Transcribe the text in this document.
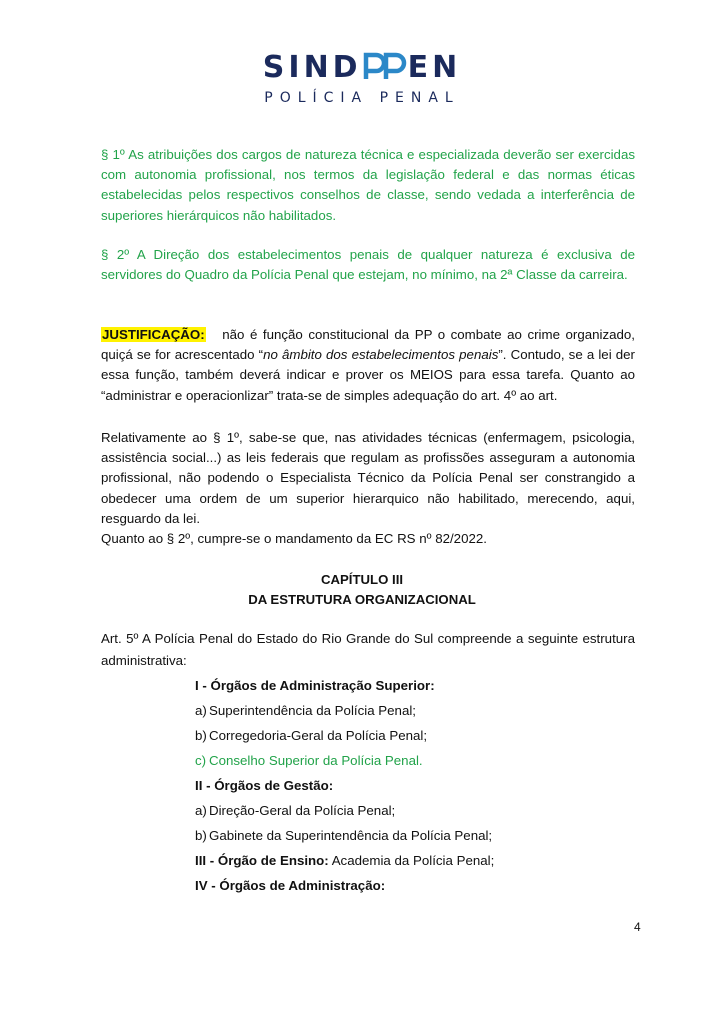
SIND EN
POLÍCIA PENAL

§ 1º As atribuições dos cargos de natureza técnica e especializada deverão ser exercidas com autonomia profissional, nos termos da legislação federal e das normas éticas estabelecidas pelos respectivos conselhos de classe, sendo vedada a interferência de superiores hierárquicos não habilitados.

§ 2º A Direção dos estabelecimentos penais de qualquer natureza é exclusiva de servidores do Quadro da Polícia Penal que estejam, no mínimo, na 2ª Classe da carreira.

JUSTIFICAÇÃO: não é função constitucional da PP o combate ao crime organizado, quiçá se for acrescentado “no âmbito dos estabelecimentos penais”. Contudo, se a lei der essa função, também deverá indicar e prover os MEIOS para essa tarefa. Quanto ao “administrar e operacionlizar” trata-se de simples adequação do art. 4º ao art.

Relativamente ao § 1º, sabe-se que, nas atividades técnicas (enfermagem, psicologia, assistência social...) as leis federais que regulam as profissões asseguram a autonomia profissional, não podendo o Especialista Técnico da Polícia Penal ser constrangido a obedecer uma ordem de um superior hierarquico não habilitado, merecendo, aqui, resguardo da lei.

Quanto ao § 2º, cumpre-se o mandamento da EC RS nº 82/2022.

CAPÍTULO III
DA ESTRUTURA ORGANIZACIONAL

Art. 5º A Polícia Penal do Estado do Rio Grande do Sul compreende a seguinte estrutura administrativa:

I - Órgãos de Administração Superior:
a) Superintendência da Polícia Penal;
b) Corregedoria-Geral da Polícia Penal;
c) Conselho Superior da Polícia Penal.
II - Órgãos de Gestão:
a) Direção-Geral da Polícia Penal;
b) Gabinete da Superintendência da Polícia Penal;
III - Órgão de Ensino: Academia da Polícia Penal;
IV - Órgãos de Administração:
4
